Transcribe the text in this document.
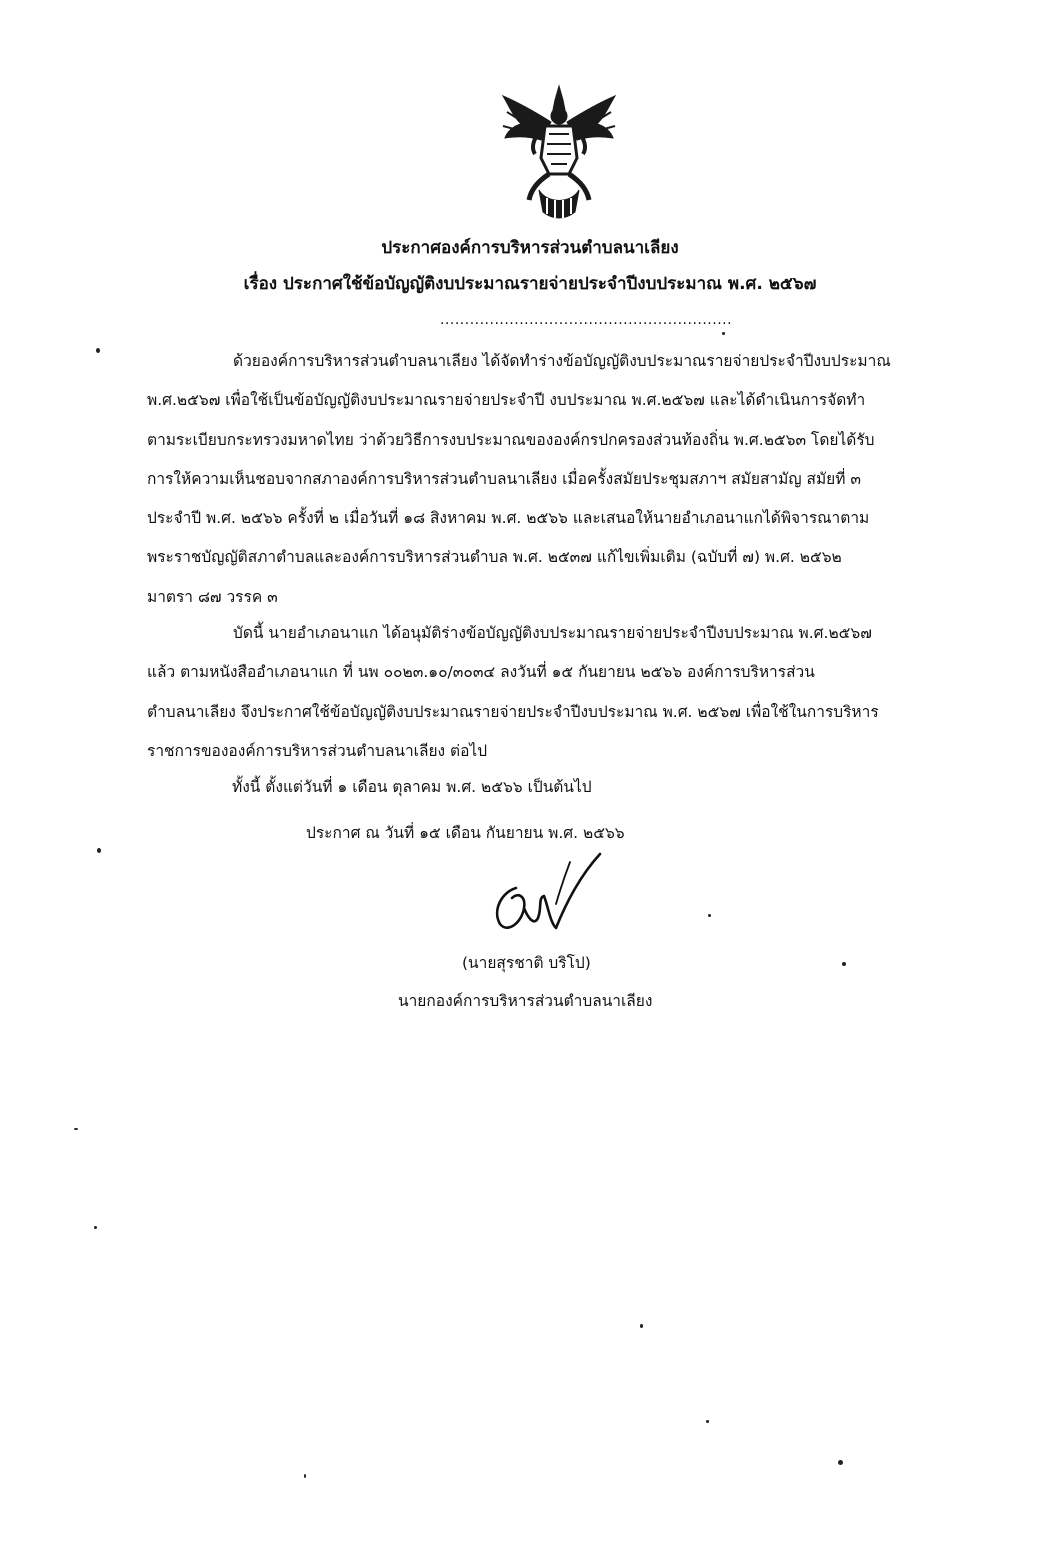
ประกาศองค์การบริหารส่วนตำบลนาเลียง
เรื่อง ประกาศใช้ข้อบัญญัติงบประมาณรายจ่ายประจำปีงบประมาณ พ.ศ. ๒๕๖๗
...........................................................
ด้วยองค์การบริหารส่วนตำบลนาเลียง ได้จัดทำร่างข้อบัญญัติงบประมาณรายจ่ายประจำปีงบประมาณ
พ.ศ.๒๕๖๗ เพื่อใช้เป็นข้อบัญญัติงบประมาณรายจ่ายประจำปี งบประมาณ พ.ศ.๒๕๖๗ และได้ดำเนินการจัดทำ
ตามระเบียบกระทรวงมหาดไทย ว่าด้วยวิธีการงบประมาณขององค์กรปกครองส่วนท้องถิ่น พ.ศ.๒๕๖๓ โดยได้รับ
การให้ความเห็นชอบจากสภาองค์การบริหารส่วนตำบลนาเลียง เมื่อครั้งสมัยประชุมสภาฯ สมัยสามัญ สมัยที่ ๓
ประจำปี พ.ศ. ๒๕๖๖ ครั้งที่ ๒ เมื่อวันที่ ๑๘ สิงหาคม พ.ศ. ๒๕๖๖ และเสนอให้นายอำเภอนาแกได้พิจารณาตาม
พระราชบัญญัติสภาตำบลและองค์การบริหารส่วนตำบล พ.ศ. ๒๕๓๗ แก้ไขเพิ่มเติม (ฉบับที่ ๗) พ.ศ. ๒๕๖๒
มาตรา ๘๗ วรรค ๓
บัดนี้ นายอำเภอนาแก ได้อนุมัติร่างข้อบัญญัติงบประมาณรายจ่ายประจำปีงบประมาณ พ.ศ.๒๕๖๗
แล้ว ตามหนังสืออำเภอนาแก ที่ นพ ๐๐๒๓.๑๐/๓๐๓๔ ลงวันที่ ๑๕ กันยายน ๒๕๖๖ องค์การบริหารส่วน
ตำบลนาเลียง จึงประกาศใช้ข้อบัญญัติงบประมาณรายจ่ายประจำปีงบประมาณ พ.ศ. ๒๕๖๗ เพื่อใช้ในการบริหาร
ราชการขององค์การบริหารส่วนตำบลนาเลียง ต่อไป
ทั้งนี้ ตั้งแต่วันที่ ๑ เดือน ตุลาคม พ.ศ. ๒๕๖๖ เป็นต้นไป
ประกาศ ณ วันที่ ๑๕ เดือน กันยายน พ.ศ. ๒๕๖๖
(นายสุรชาติ บริโป)
นายกองค์การบริหารส่วนตำบลนาเลียง
